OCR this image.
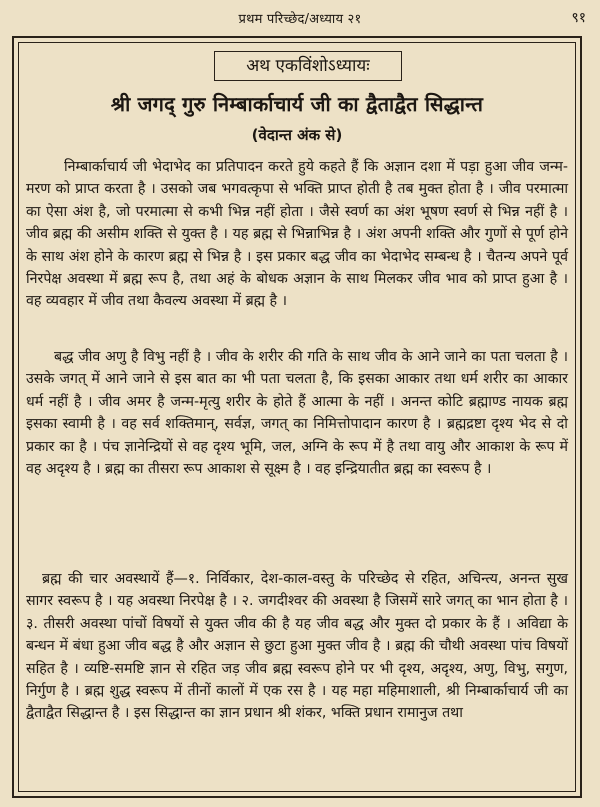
प्रथम परिच्छेद/अध्याय २१	९१
अथ एकविंशोऽध्यायः
श्री जगद् गुरु निम्बार्काचार्य जी का द्वैताद्वैत सिद्धान्त
(वेदान्त अंक से)

निम्बार्काचार्य जी भेदाभेद का प्रतिपादन करते हुये कहते हैं कि अज्ञान दशा में पड़ा हुआ जीव जन्म-मरण को प्राप्त करता है । उसको जब भगवत्कृपा से भक्ति प्राप्त होती है तब मुक्त होता है । जीव परमात्मा का ऐसा अंश है, जो परमात्मा से कभी भिन्न नहीं होता । जैसे स्वर्ण का अंश भूषण स्वर्ण से भिन्न नहीं है । जीव ब्रह्म की असीम शक्ति से युक्त है । यह ब्रह्म से भिन्नाभिन्न है । अंश अपनी शक्ति और गुणों से पूर्ण होने के साथ अंश होने के कारण ब्रह्म से भिन्न है । इस प्रकार बद्ध जीव का भेदाभेद सम्बन्ध है । चैतन्य अपने पूर्व निरपेक्ष अवस्था में ब्रह्म रूप है, तथा अहं के बोधक अज्ञान के साथ मिलकर जीव भाव को प्राप्त हुआ है । वह व्यवहार में जीव तथा कैवल्य अवस्था में ब्रह्म है ।

बद्ध जीव अणु है विभु नहीं है । जीव के शरीर की गति के साथ जीव के आने जाने का पता चलता है । उसके जगत् में आने जाने से इस बात का भी पता चलता है, कि इसका आकार तथा धर्म शरीर का आकार धर्म नहीं है । जीव अमर है जन्म-मृत्यु शरीर के होते हैं आत्मा के नहीं । अनन्त कोटि ब्रह्माण्ड नायक ब्रह्म इसका स्वामी है । वह सर्व शक्तिमान्, सर्वज्ञ, जगत् का निमित्तोपादान कारण है । ब्रह्मद्रष्टा दृश्य भेद से दो प्रकार का है । पंच ज्ञानेन्द्रियों से वह दृश्य भूमि, जल, अग्नि के रूप में है तथा वायु और आकाश के रूप में वह अदृश्य है । ब्रह्म का तीसरा रूप आकाश से सूक्ष्म है । वह इन्द्रियातीत ब्रह्म का स्वरूप है ।

ब्रह्म की चार अवस्थायें हैं—१. निर्विकार, देश-काल-वस्तु के परिच्छेद से रहित, अचिन्त्य, अनन्त सुख सागर स्वरूप है । यह अवस्था निरपेक्ष है । २. जगदीश्वर की अवस्था है जिसमें सारे जगत् का भान होता है । ३. तीसरी अवस्था पांचों विषयों से युक्त जीव की है यह जीव बद्ध और मुक्त दो प्रकार के हैं । अविद्या के बन्धन में बंधा हुआ जीव बद्ध है और अज्ञान से छुटा हुआ मुक्त जीव है । ब्रह्म की चौथी अवस्था पांच विषयों सहित है । व्यष्टि-समष्टि ज्ञान से रहित जड़ जीव ब्रह्म स्वरूप होने पर भी दृश्य, अदृश्य, अणु, विभु, सगुण, निर्गुण है । ब्रह्म शुद्ध स्वरूप में तीनों कालों में एक रस है । यह महा महिमाशाली, श्री निम्बार्काचार्य जी का द्वैताद्वैत सिद्धान्त है । इस सिद्धान्त का ज्ञान प्रधान श्री शंकर, भक्ति प्रधान रामानुज तथा
